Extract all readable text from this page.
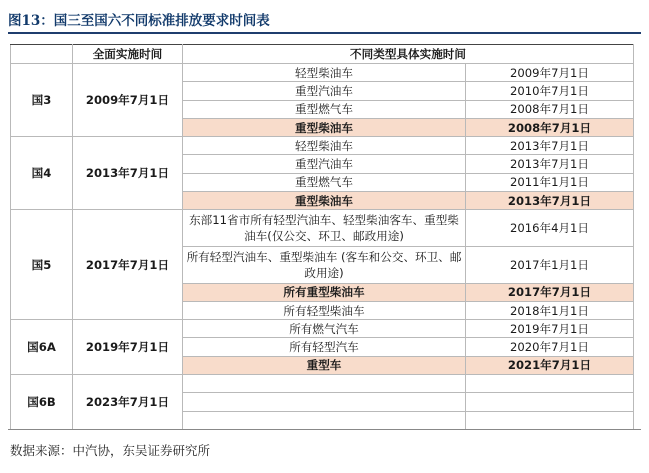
图13：国三至国六不同标准排放要求时间表
	全面实施时间	不同类型具体实施时间	
国3	2009年7月1日	轻型柴油车	2009年7月1日
		重型汽油车	2010年7月1日
		重型燃气车	2008年7月1日
		重型柴油车	2008年7月1日
国4	2013年7月1日	轻型柴油车	2013年7月1日
		重型汽油车	2013年7月1日
		重型燃气车	2011年1月1日
		重型柴油车	2013年7月1日
国5	2017年7月1日	东部11省市所有轻型汽油车、轻型柴油客车、重型柴油车(仅公交、环卫、邮政用途)	2016年4月1日
		所有轻型汽油车、重型柴油车 (客车和公交、环卫、邮政用途)	2017年1月1日
		所有重型柴油车	2017年7月1日
		所有轻型柴油车	2018年1月1日
国6A	2019年7月1日	所有燃气汽车	2019年7月1日
		所有轻型汽车	2020年7月1日
		重型车	2021年7月1日
国6B	2023年7月1日		

数据来源：中汽协，东吴证券研究所
